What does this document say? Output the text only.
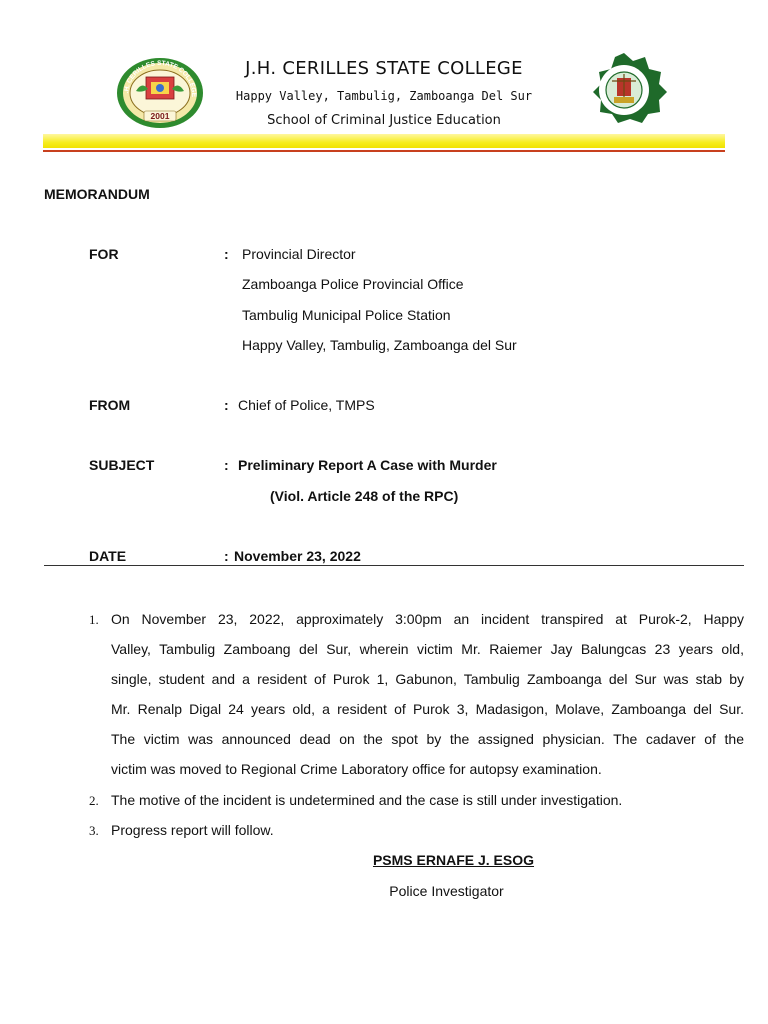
.H. CERILLES STATE COLLEGE
2001
J.H. CERILLES STATE COLLEGE
Happy Valley, Tambulig, Zamboanga Del Sur
School of Criminal Justice Education
MEMORANDUM
FOR	: Provincial Director
Zamboanga Police Provincial Office
Tambulig Municipal Police Station
Happy Valley, Tambulig, Zamboanga del Sur
FROM	: Chief of Police, TMPS
SUBJECT	: Preliminary Report A Case with Murder
(Viol. Article 248 of the RPC)
DATE	: November 23, 2022
1. On November 23, 2022, approximately 3:00pm an incident transpired at Purok-2, Happy
Valley, Tambulig Zamboang del Sur, wherein victim Mr. Raiemer Jay Balungcas 23 years old,
single, student and a resident of Purok 1, Gabunon, Tambulig Zamboanga del Sur was stab by
Mr. Renalp Digal 24 years old, a resident of Purok 3, Madasigon, Molave, Zamboanga del Sur.
The victim was announced dead on the spot by the assigned physician. The cadaver of the
victim was moved to Regional Crime Laboratory office for autopsy examination.
2. The motive of the incident is undetermined and the case is still under investigation.
3. Progress report will follow.
PSMS ERNAFE J. ESOG
Police Investigator
